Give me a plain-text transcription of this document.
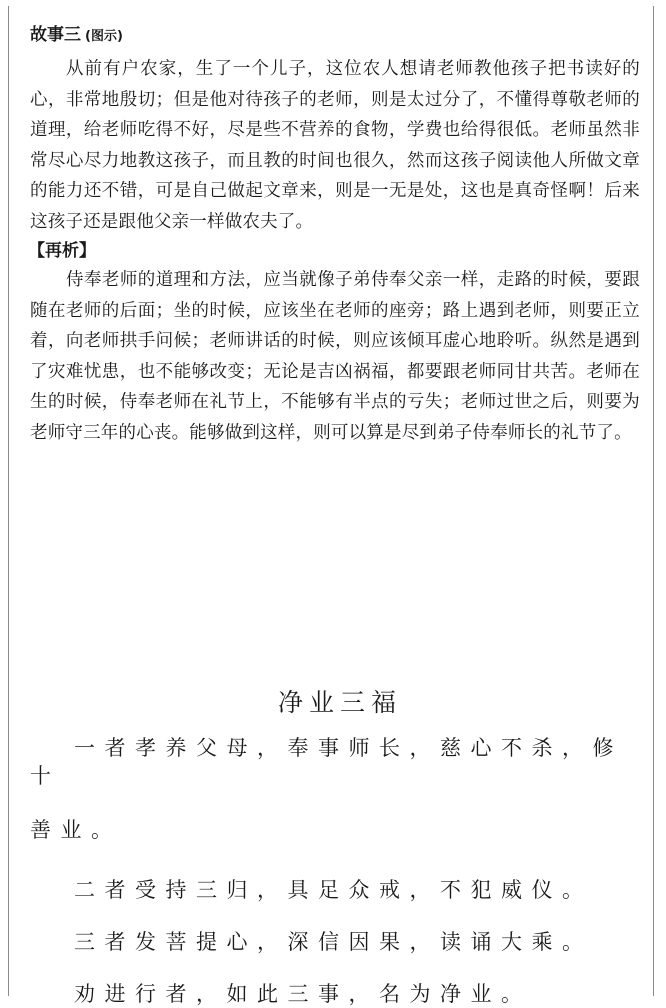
故事三 (图示)

从前有户农家，生了一个儿子，这位农人想请老师教他孩子把书读好的心，非常地殷切；但是他对待孩子的老师，则是太过分了，不懂得尊敬老师的道理，给老师吃得不好，尽是些不营养的食物，学费也给得很低。老师虽然非常尽心尽力地教这孩子，而且教的时间也很久，然而这孩子阅读他人所做文章的能力还不错，可是自己做起文章来，则是一无是处，这也是真奇怪啊！后来这孩子还是跟他父亲一样做农夫了。

【再析】

侍奉老师的道理和方法，应当就像子弟侍奉父亲一样，走路的时候，要跟随在老师的后面；坐的时候，应该坐在老师的座旁；路上遇到老师，则要正立着，向老师拱手问候；老师讲话的时候，则应该倾耳虚心地聆听。纵然是遇到了灾难忧患，也不能够改变；无论是吉凶祸福，都要跟老师同甘共苦。老师在生的时候，侍奉老师在礼节上，不能够有半点的亏失；老师过世之后，则要为老师守三年的心丧。能够做到这样，则可以算是尽到弟子侍奉师长的礼节了。

净业三福

一者孝养父母，奉事师长，慈心不杀，修十

善业。

二者受持三归，具足众戒，不犯威仪。

三者发菩提心，深信因果，读诵大乘。

劝进行者，如此三事，名为净业。
